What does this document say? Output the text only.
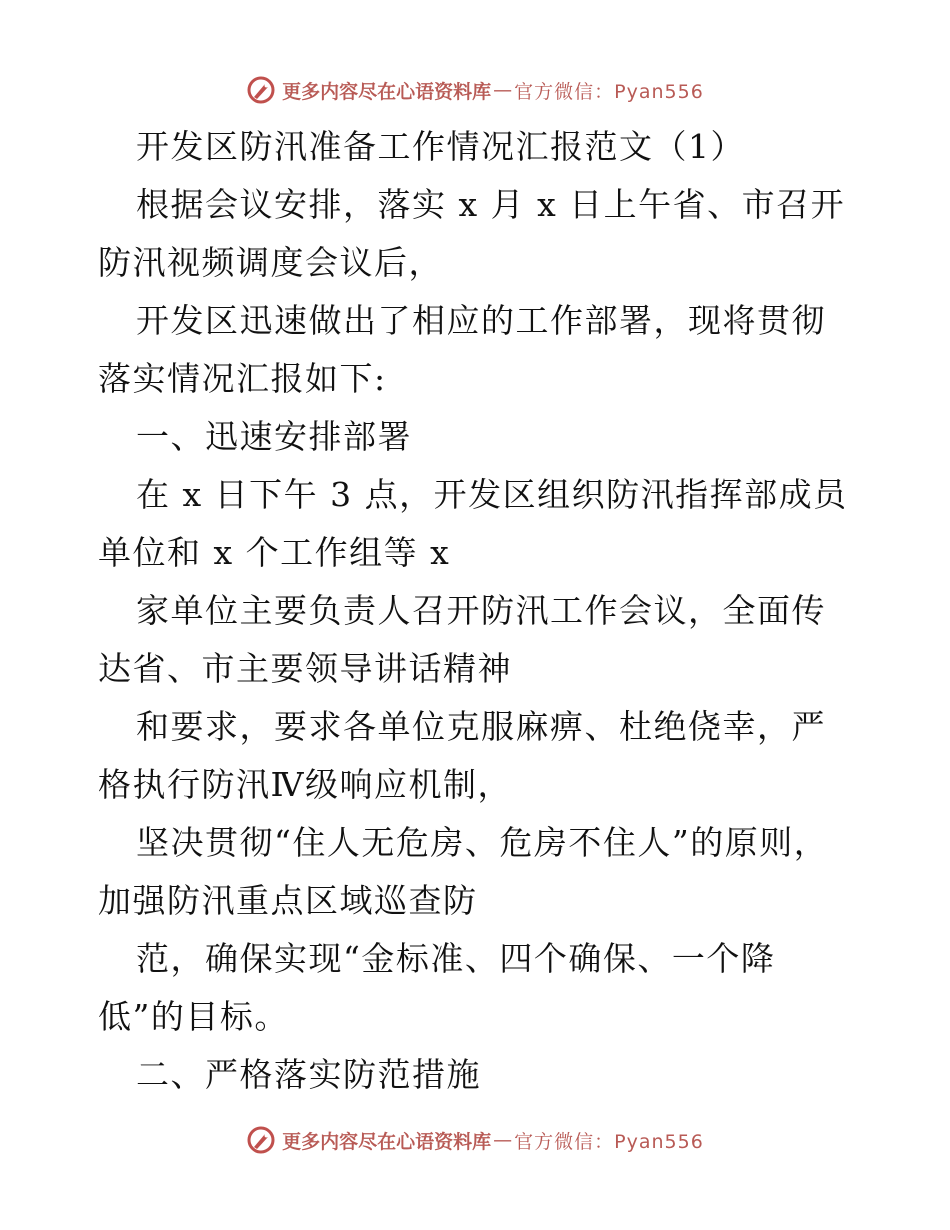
更多内容尽在心语资料库 — 官方微信：Pyan556

开发区防汛准备工作情况汇报范文（1）

根据会议安排，落实 x 月 x 日上午省、市召开防汛视频调度会议后，

开发区迅速做出了相应的工作部署，现将贯彻落实情况汇报如下:

一、迅速安排部署

在 x 日下午 3 点，开发区组织防汛指挥部成员单位和 x 个工作组等 x

家单位主要负责人召开防汛工作会议，全面传达省、市主要领导讲话精神

和要求，要求各单位克服麻痹、杜绝侥幸，严格执行防汛Ⅳ级响应机制，

坚决贯彻“住人无危房、危房不住人”的原则，加强防汛重点区域巡查防

范，确保实现“金标准、四个确保、一个降低”的目标。

二、严格落实防范措施

更多内容尽在心语资料库 — 官方微信：Pyan556
